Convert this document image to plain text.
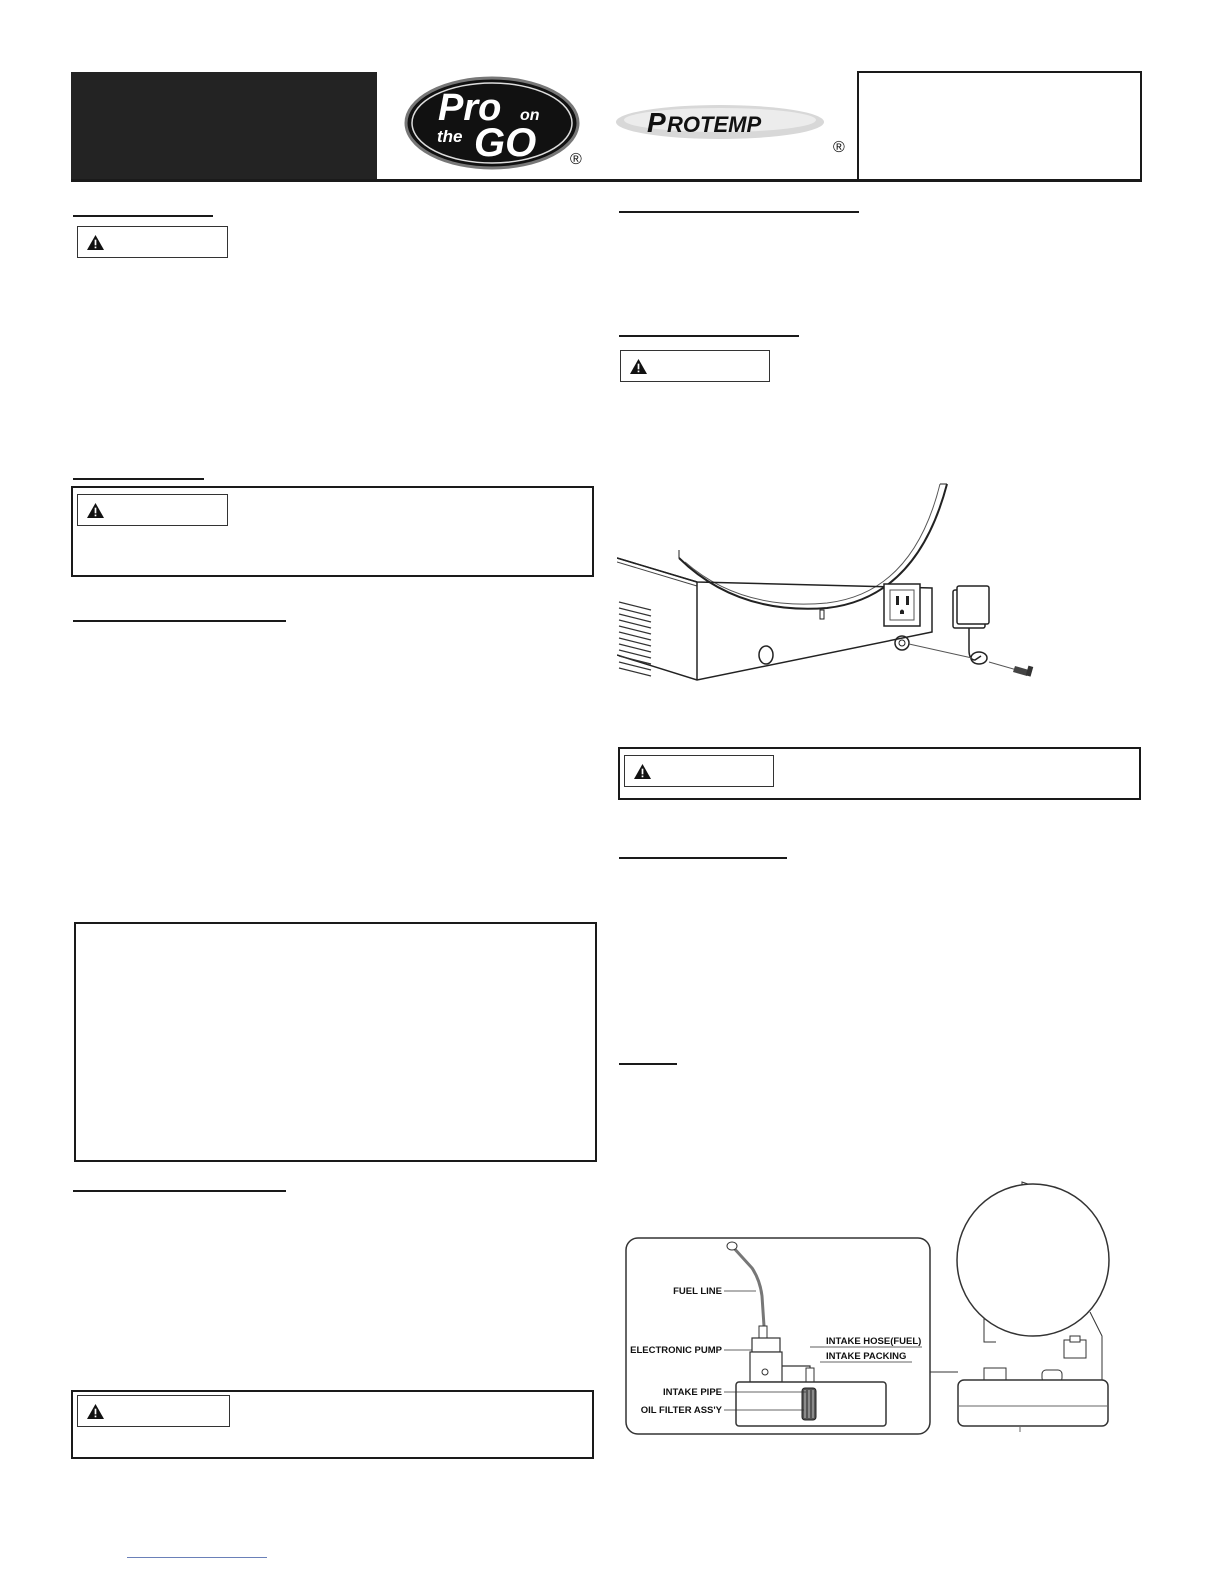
Pro on
the GO ®
P ROTEMP
®
FUEL LINE
ELECTRONIC PUMP
INTAKE HOSE(FUEL)
INTAKE PACKING
INTAKE PIPE
OIL FILTER ASS'Y
